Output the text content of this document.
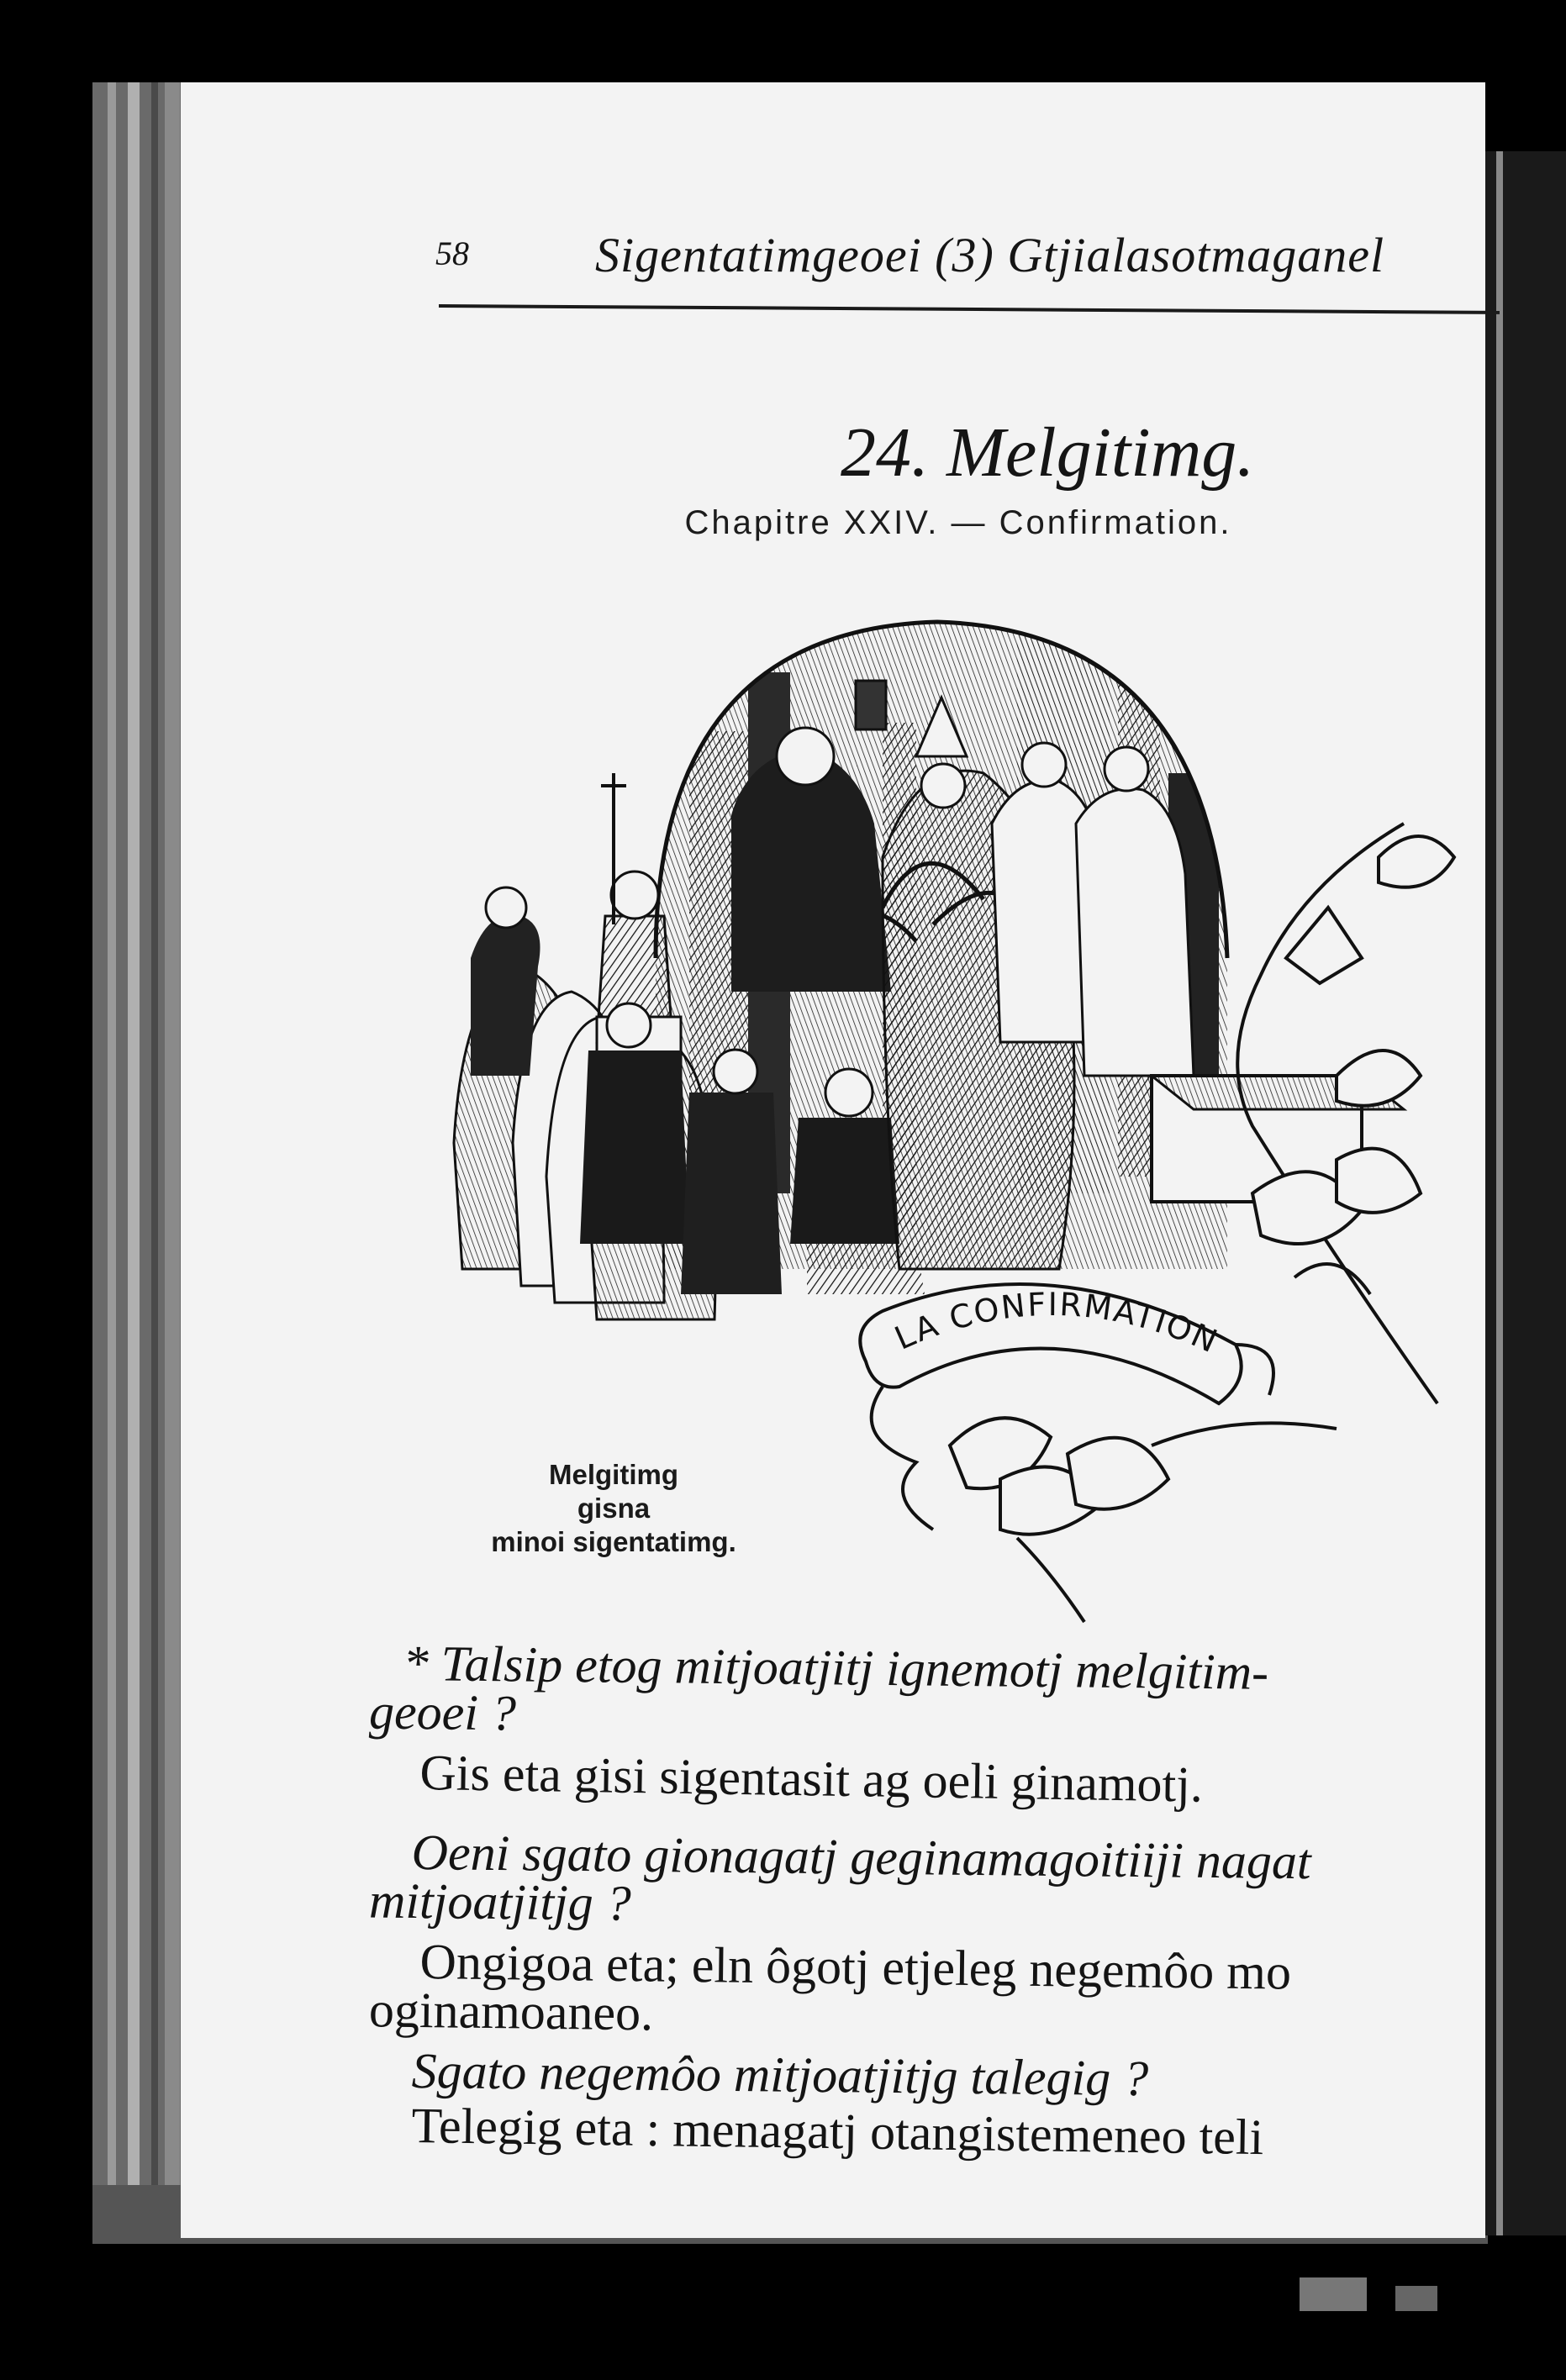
58	Sigentatimgeoei (3) Gtjialasotmaganel
24. Melgitimg.
Chapitre XXIV. — Confirmation.
LA CONFIRMATION
Melgitimg
gisna
minoi sigentatimg.
* Talsip etog mitjoatjitj ignemotj melgitim-
geoei ?
Gis eta gisi sigentasit ag oeli ginamotj.
Oeni sgato gionagatj geginamagoitiiji nagat
mitjoatjitjg ?
Ongigoa eta; eln ôgotj etjeleg negemôo mo
oginamoaneo.
Sgato negemôo mitjoatjitjg talegig ?
Telegig eta : menagatj otangistemeneo teli
